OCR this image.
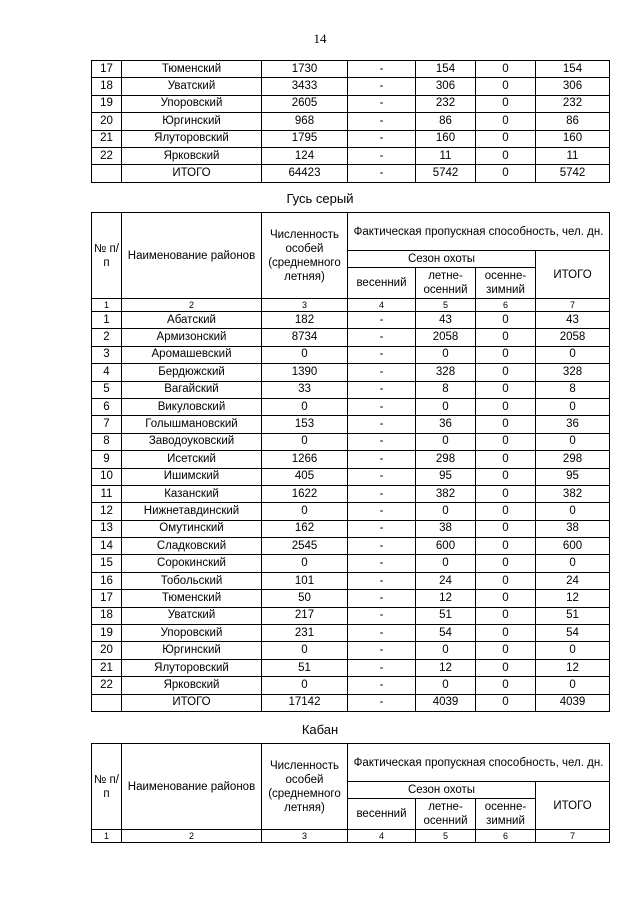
14
17	Тюменский	1730	-	154	0	154
18	Уватский	3433	-	306	0	306
19	Упоровский	2605	-	232	0	232
20	Юргинский	968	-	86	0	86
21	Ялуторовский	1795	-	160	0	160
22	Ярковский	124	-	11	0	11
	ИТОГО	64423	-	5742	0	5742
Гусь серый
№ п/п	Наименование районов	Численность особей (среднемного летняя)	Фактическая пропускная способность, чел. дн.			
			Сезон охоты			ИТОГО
			весенний	летне-осенний	осенне-зимний	
1	2	3	4	5	6	7
1	Абатский	182	-	43	0	43
2	Армизонский	8734	-	2058	0	2058
3	Аромашевский	0	-	0	0	0
4	Бердюжский	1390	-	328	0	328
5	Вагайский	33	-	8	0	8
6	Викуловский	0	-	0	0	0
7	Голышмановский	153	-	36	0	36
8	Заводоуковский	0	-	0	0	0
9	Исетский	1266	-	298	0	298
10	Ишимский	405	-	95	0	95
11	Казанский	1622	-	382	0	382
12	Нижнетавдинский	0	-	0	0	0
13	Омутинский	162	-	38	0	38
14	Сладковский	2545	-	600	0	600
15	Сорокинский	0	-	0	0	0
16	Тобольский	101	-	24	0	24
17	Тюменский	50	-	12	0	12
18	Уватский	217	-	51	0	51
19	Упоровский	231	-	54	0	54
20	Юргинский	0	-	0	0	0
21	Ялуторовский	51	-	12	0	12
22	Ярковский	0	-	0	0	0
	ИТОГО	17142	-	4039	0	4039
Кабан
№ п/п	Наименование районов	Численность особей (среднемного летняя)	Фактическая пропускная способность, чел. дн.			
			Сезон охоты			ИТОГО
			весенний	летне-осенний	осенне-зимний	
1	2	3	4	5	6	7
